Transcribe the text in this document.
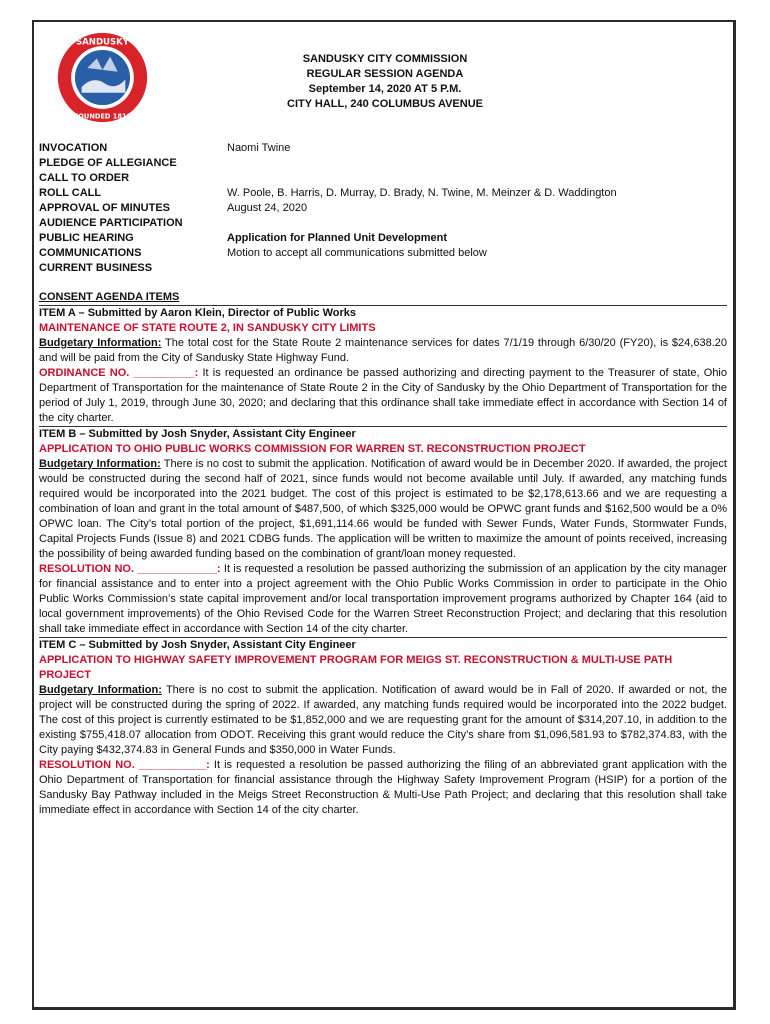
SANDUSKY
FOUNDED 1818
SANDUSKY CITY COMMISSION
REGULAR SESSION AGENDA
September 14, 2020 AT 5 P.M.
CITY HALL, 240 COLUMBUS AVENUE
INVOCATION	Naomi Twine
PLEDGE OF ALLEGIANCE
CALL TO ORDER
ROLL CALL	W. Poole, B. Harris, D. Murray, D. Brady, N. Twine, M. Meinzer & D. Waddington
APPROVAL OF MINUTES	August 24, 2020
AUDIENCE PARTICIPATION
PUBLIC HEARING	Application for Planned Unit Development
COMMUNICATIONS	Motion to accept all communications submitted below
CURRENT BUSINESS
CONSENT AGENDA ITEMS
ITEM A – Submitted by Aaron Klein, Director of Public Works
MAINTENANCE OF STATE ROUTE 2, IN SANDUSKY CITY LIMITS
Budgetary Information: The total cost for the State Route 2 maintenance services for dates 7/1/19 through 6/30/20 (FY20), is $24,638.20 and will be paid from the City of Sandusky State Highway Fund.
ORDINANCE NO. __________: It is requested an ordinance be passed authorizing and directing payment to the Treasurer of state, Ohio Department of Transportation for the maintenance of State Route 2 in the City of Sandusky by the Ohio Department of Transportation for the period of July 1, 2019, through June 30, 2020; and declaring that this ordinance shall take immediate effect in accordance with Section 14 of the city charter.
ITEM B – Submitted by Josh Snyder, Assistant City Engineer
APPLICATION TO OHIO PUBLIC WORKS COMMISSION FOR WARREN ST. RECONSTRUCTION PROJECT
Budgetary Information: There is no cost to submit the application. Notification of award would be in December 2020. If awarded, the project would be constructed during the second half of 2021, since funds would not become available until July. If awarded, any matching funds required would be incorporated into the 2021 budget. The cost of this project is estimated to be $2,178,613.66 and we are requesting a combination of loan and grant in the total amount of $487,500, of which $325,000 would be OPWC grant funds and $162,500 would be a 0% OPWC loan. The City’s total portion of the project, $1,691,114.66 would be funded with Sewer Funds, Water Funds, Stormwater Funds, Capital Projects Funds (Issue 8) and 2021 CDBG funds. The application will be written to maximize the amount of points received, increasing the possibility of being awarded funding based on the combination of grant/loan money requested.
RESOLUTION NO. _____________: It is requested a resolution be passed authorizing the submission of an application by the city manager for financial assistance and to enter into a project agreement with the Ohio Public Works Commission in order to participate in the Ohio Public Works Commission’s state capital improvement and/or local transportation improvement programs authorized by Chapter 164 (aid to local government improvements) of the Ohio Revised Code for the Warren Street Reconstruction Project; and declaring that this resolution shall take immediate effect in accordance with Section 14 of the city charter.
ITEM C – Submitted by Josh Snyder, Assistant City Engineer
APPLICATION TO HIGHWAY SAFETY IMPROVEMENT PROGRAM FOR MEIGS ST. RECONSTRUCTION & MULTI-USE PATH PROJECT
Budgetary Information: There is no cost to submit the application. Notification of award would be in Fall of 2020. If awarded or not, the project will be constructed during the spring of 2022. If awarded, any matching funds required would be incorporated into the 2022 budget. The cost of this project is currently estimated to be $1,852,000 and we are requesting grant for the amount of $314,207.10, in addition to the existing $755,418.07 allocation from ODOT. Receiving this grant would reduce the City’s share from $1,096,581.93 to $782,374.83, with the City paying $432,374.83 in General Funds and $350,000 in Water Funds.
RESOLUTION NO. ___________: It is requested a resolution be passed authorizing the filing of an abbreviated grant application with the Ohio Department of Transportation for financial assistance through the Highway Safety Improvement Program (HSIP) for a portion of the Sandusky Bay Pathway included in the Meigs Street Reconstruction & Multi-Use Path Project; and declaring that this resolution shall take immediate effect in accordance with Section 14 of the city charter.
